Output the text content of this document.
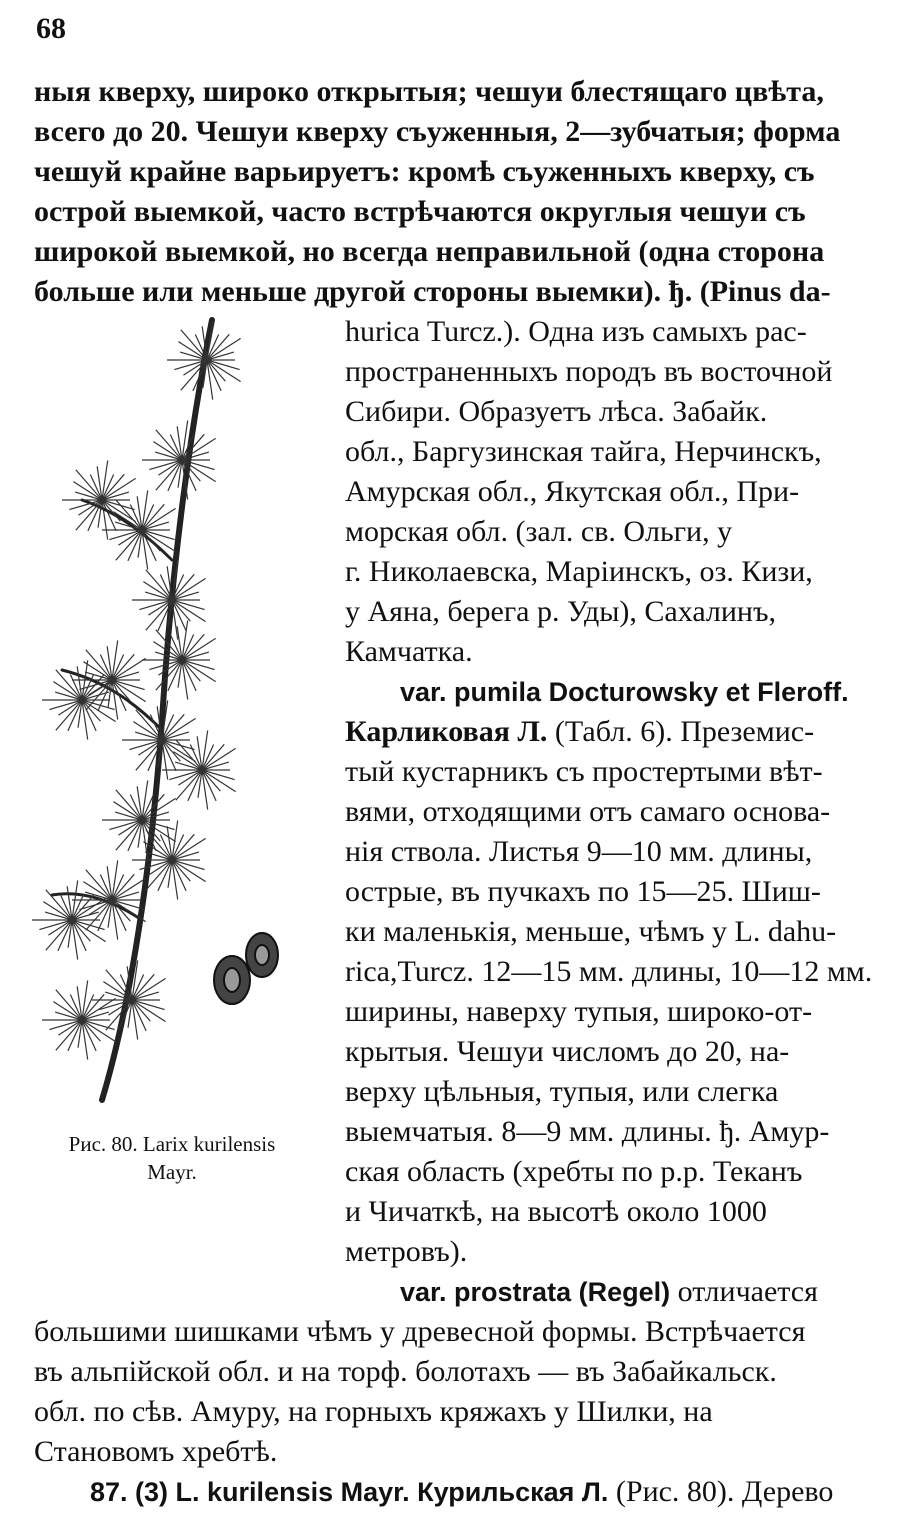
68
ныя кверху, широко открытыя; чешуи блестящаго цвѣта,
всего до 20. Чешуи кверху съуженныя, 2—зубчатыя; форма
чешуй крайне варьируетъ: кромѣ съуженныхъ кверху, съ
острой выемкой, часто встрѣчаются округлыя чешуи съ
широкой выемкой, но всегда неправильной (одна сторона
больше или меньше другой стороны выемки). ђ. (Pinus da-
hurica Turcz.). Одна изъ самыхъ рас-
пространенныхъ породъ въ восточной
Сибири. Образуетъ лѣса. Забайк.
обл., Баргузинская тайга, Нерчинскъ,
Амурская обл., Якутская обл., При-
морская обл. (зал. св. Ольги, у
г. Николаевска, Маріинскъ, оз. Кизи,
у Аяна, берега р. Уды), Сахалинъ,
Камчатка.
var. pumila Docturowsky et Fleroff.
Карликовая Л. (Табл. 6). Преземис-
тый кустарникъ съ простертыми вѣт-
вями, отходящими отъ самаго основа-
нія ствола. Листья 9—10 мм. длины,
острые, въ пучкахъ по 15—25. Шиш-
ки маленькія, меньше, чѣмъ у L. dahu-
rica,Turcz. 12—15 мм. длины, 10—12 мм.
ширины, наверху тупыя, широко-от-
крытыя. Чешуи числомъ до 20, на-
верху цѣльныя, тупыя, или слегка
выемчатыя. 8—9 мм. длины. ђ. Амур-
ская область (хребты по р.р. Теканъ
и Чичаткѣ, на высотѣ около 1000
метровъ).
var. prostrata (Regel) отличается
большими шишками чѣмъ у древесной формы. Встрѣчается
въ альпійской обл. и на торф. болотахъ — въ Забайкальск.
обл. по сѣв. Амуру, на горныхъ кряжахъ у Шилки, на
Становомъ хребтѣ.
87. (3) L. kurilensis Mayr. Курильская Л. (Рис. 80). Дерево
Рис. 80. Larix kurilensis
Mayr.
